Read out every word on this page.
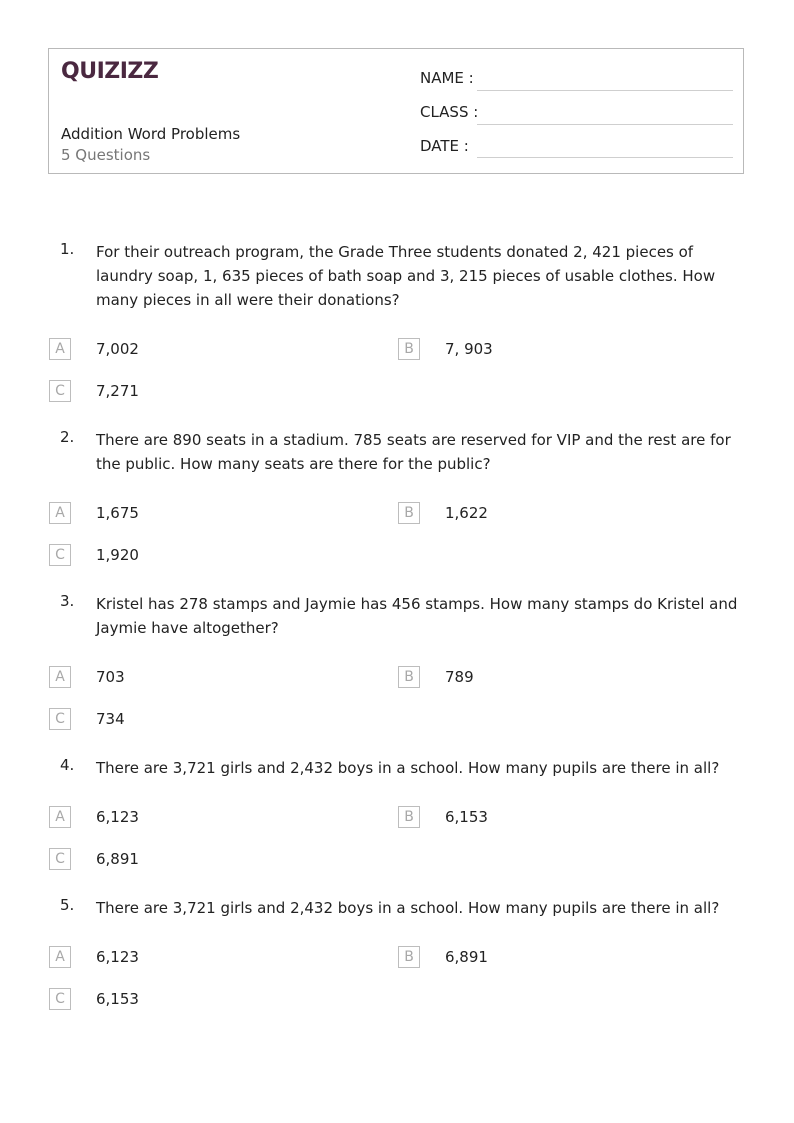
QUIZIZZ
Addition Word Problems
5 Questions
NAME :
CLASS :
DATE :
1. For their outreach program, the Grade Three students donated 2, 421 pieces of laundry soap, 1, 635 pieces of bath soap and 3, 215 pieces of usable clothes. How many pieces in all were their donations?
A	7,002	B	7, 903
C	7,271
2. There are 890 seats in a stadium. 785 seats are reserved for VIP and the rest are for the public. How many seats are there for the public?
A	1,675	B	1,622
C	1,920
3. Kristel has 278 stamps and Jaymie has 456 stamps. How many stamps do Kristel and Jaymie have altogether?
A	703	B	789
C	734
4. There are 3,721 girls and 2,432 boys in a school. How many pupils are there in all?
A	6,123	B	6,153
C	6,891
5. There are 3,721 girls and 2,432 boys in a school. How many pupils are there in all?
A	6,123	B	6,891
C	6,153
